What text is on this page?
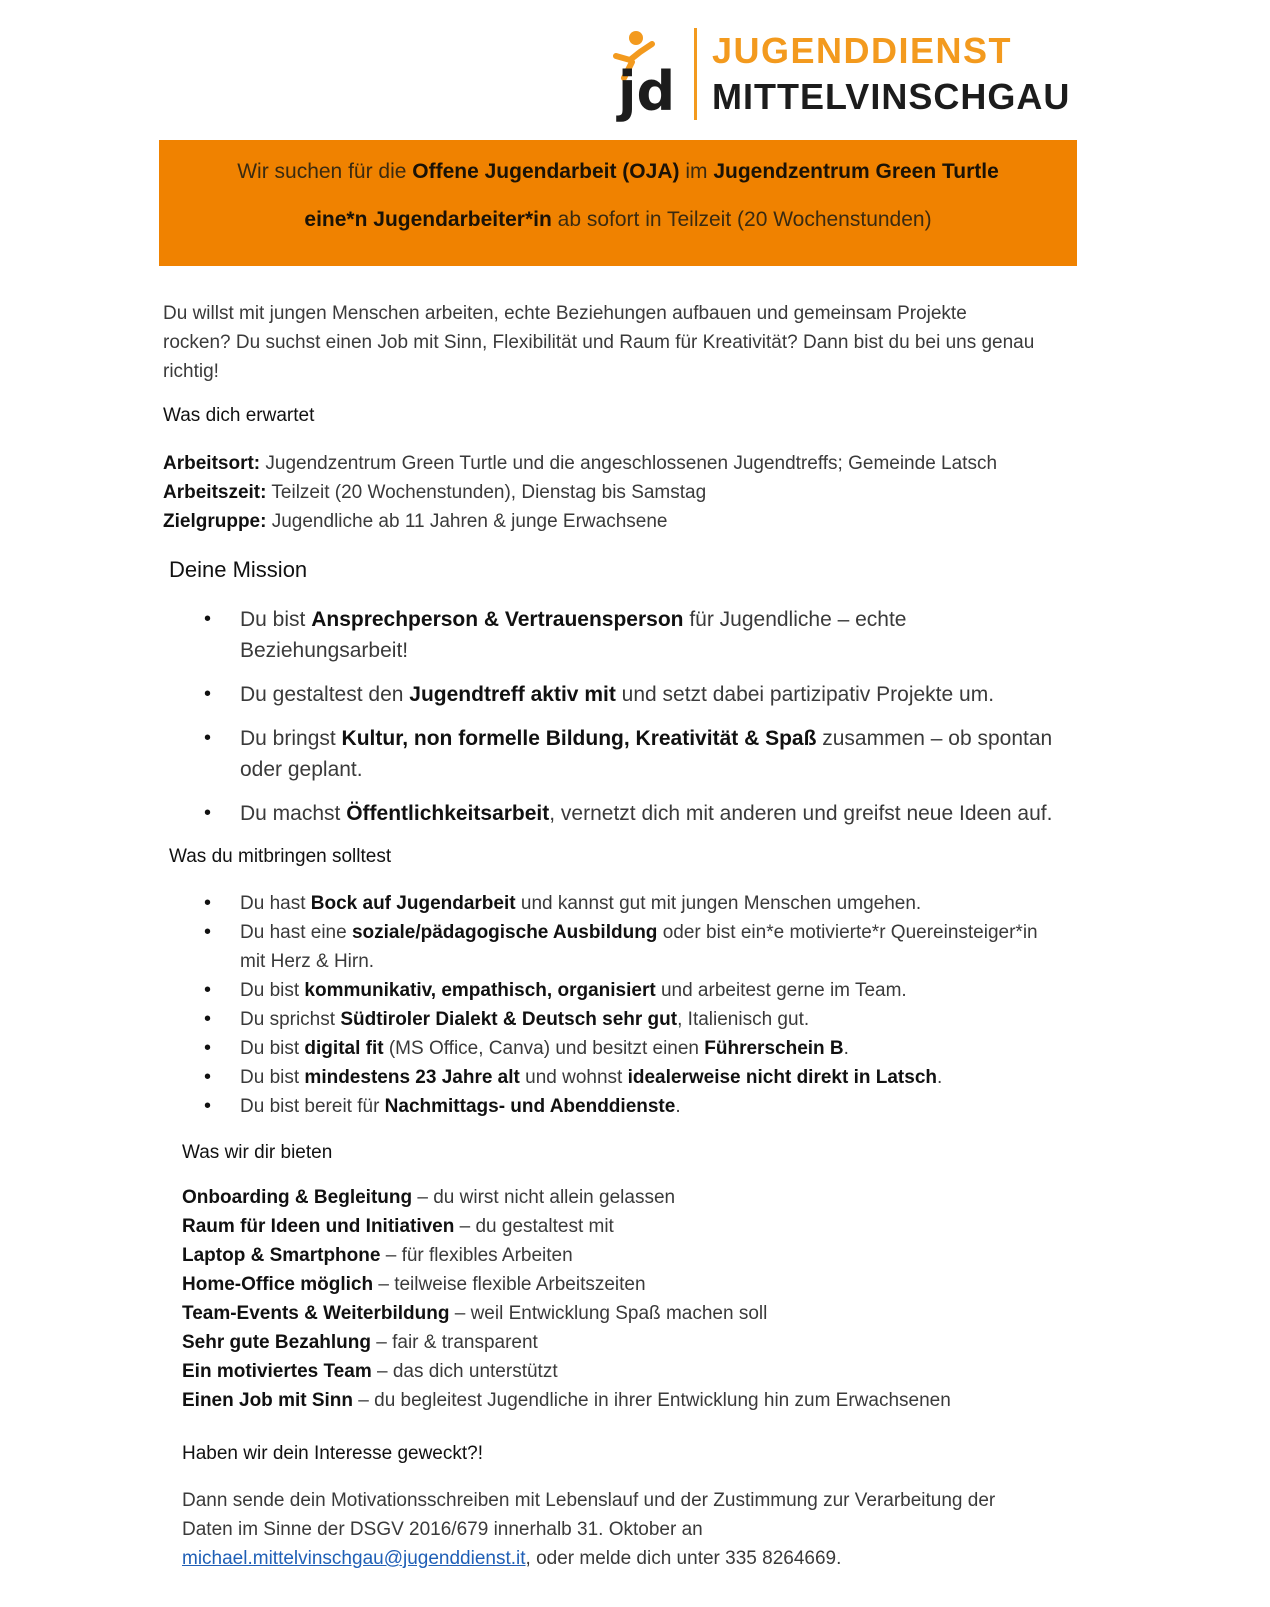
jd
JUGENDDIENST
MITTELVINSCHGAU

Wir suchen für die Offene Jugendarbeit (OJA) im Jugendzentrum Green Turtle

eine*n Jugendarbeiter*in ab sofort in Teilzeit (20 Wochenstunden)

Du willst mit jungen Menschen arbeiten, echte Beziehungen aufbauen und gemeinsam Projekte
rocken? Du suchst einen Job mit Sinn, Flexibilität und Raum für Kreativität? Dann bist du bei uns genau
richtig!
Was dich erwartet
Arbeitsort: Jugendzentrum Green Turtle und die angeschlossenen Jugendtreffs; Gemeinde Latsch
Arbeitszeit: Teilzeit (20 Wochenstunden), Dienstag bis Samstag
Zielgruppe: Jugendliche ab 11 Jahren & junge Erwachsene
Deine Mission
• Du bist Ansprechperson & Vertrauensperson für Jugendliche – echte
Beziehungsarbeit!
• Du gestaltest den Jugendtreff aktiv mit und setzt dabei partizipativ Projekte um.
• Du bringst Kultur, non formelle Bildung, Kreativität & Spaß zusammen – ob spontan
oder geplant.
• Du machst Öffentlichkeitsarbeit, vernetzt dich mit anderen und greifst neue Ideen auf.
Was du mitbringen solltest
• Du hast Bock auf Jugendarbeit und kannst gut mit jungen Menschen umgehen.
• Du hast eine soziale/pädagogische Ausbildung oder bist ein*e motivierte*r Quereinsteiger*in
mit Herz & Hirn.
• Du bist kommunikativ, empathisch, organisiert und arbeitest gerne im Team.
• Du sprichst Südtiroler Dialekt & Deutsch sehr gut, Italienisch gut.
• Du bist digital fit (MS Office, Canva) und besitzt einen Führerschein B.
• Du bist mindestens 23 Jahre alt und wohnst idealerweise nicht direkt in Latsch.
• Du bist bereit für Nachmittags- und Abenddienste.
Was wir dir bieten
Onboarding & Begleitung – du wirst nicht allein gelassen
Raum für Ideen und Initiativen – du gestaltest mit
Laptop & Smartphone – für flexibles Arbeiten
Home-Office möglich – teilweise flexible Arbeitszeiten
Team-Events & Weiterbildung – weil Entwicklung Spaß machen soll
Sehr gute Bezahlung – fair & transparent
Ein motiviertes Team – das dich unterstützt
Einen Job mit Sinn – du begleitest Jugendliche in ihrer Entwicklung hin zum Erwachsenen
Haben wir dein Interesse geweckt?!
Dann sende dein Motivationsschreiben mit Lebenslauf und der Zustimmung zur Verarbeitung der
Daten im Sinne der DSGV 2016/679 innerhalb 31. Oktober an
michael.mittelvinschgau@jugenddienst.it, oder melde dich unter 335 8264669.
